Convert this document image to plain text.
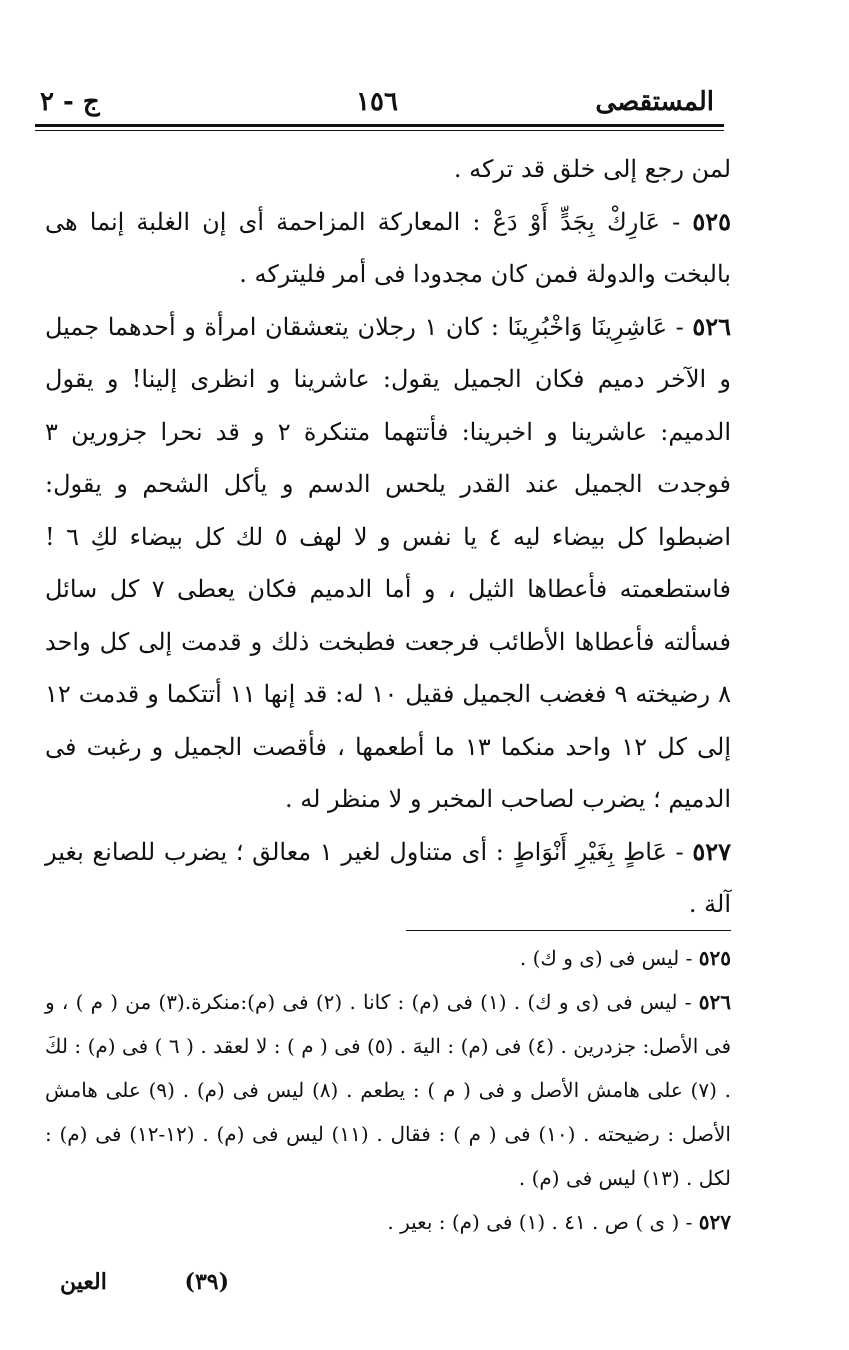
المستقصى
١٥٦
ج - ٢

لمن رجع إلى خلق قد تركه .

٥٢٥ - عَارِكْ بِجَدٍّ أَوْ دَعْ : المعاركة المزاحمة أى إن الغلبة إنما هى بالبخت والدولة فمن كان مجدودا فى أمر فليتركه .

٥٢٦ - عَاشِرِينَا وَاخْبُرِينَا : كان ١ رجلان يتعشقان امرأة و أحدهما جميل و الآخر دميم فكان الجميل يقول: عاشرينا و انظرى إلينا! و يقول الدميم: عاشرينا و اخبرينا: فأتتهما متنكرة ٢ و قد نحرا جزورين ٣ فوجدت الجميل عند القدر يلحس الدسم و يأكل الشحم و يقول: اضبطوا كل بيضاء ليه ٤ يا نفس و لا لهف ٥ لك كل بيضاء لكِ ٦ ! فاستطعمته فأعطاها الثيل ، و أما الدميم فكان يعطى ٧ كل سائل فسألته فأعطاها الأطائب فرجعت فطبخت ذلك و قدمت إلى كل واحد ٨ رضيخته ٩ فغضب الجميل فقيل ١٠ له: قد إنها ١١ أتتكما و قدمت ١٢ إلى كل ١٢ واحد منكما ١٣ ما أطعمها ، فأقصت الجميل و رغبت فى الدميم ؛ يضرب لصاحب المخبر و لا منظر له .

٥٢٧ - عَاطٍ بِغَيْرِ أَنْوَاطٍ : أى متناول لغير ١ معالق ؛ يضرب للصانع بغير آلة .

٥٢٥ - ليس فى (ى و ك) .

٥٢٦ - ليس فى (ى و ك) . (١) فى (م) : كانا . (٢) فى (م):منكرة.(٣) من ( م ) ، و فى الأصل: جزدرين . (٤) فى (م) : اليهَ . (٥) فى ( م ) : لا لعقد . ( ٦ ) فى (م) : لكَ . (٧) على هامش الأصل و فى ( م ) : يطعم . (٨) ليس فى (م) . (٩) على هامش الأصل : رضيحته . (١٠) فى ( م ) : فقال . (١١) ليس فى (م) . (١٢-١٢) فى (م) : لكل . (١٣) ليس فى (م) .

٥٢٧ - ( ى ) ص . ٤١ . (١) فى (م) : بعير .

(٣٩)
العين
